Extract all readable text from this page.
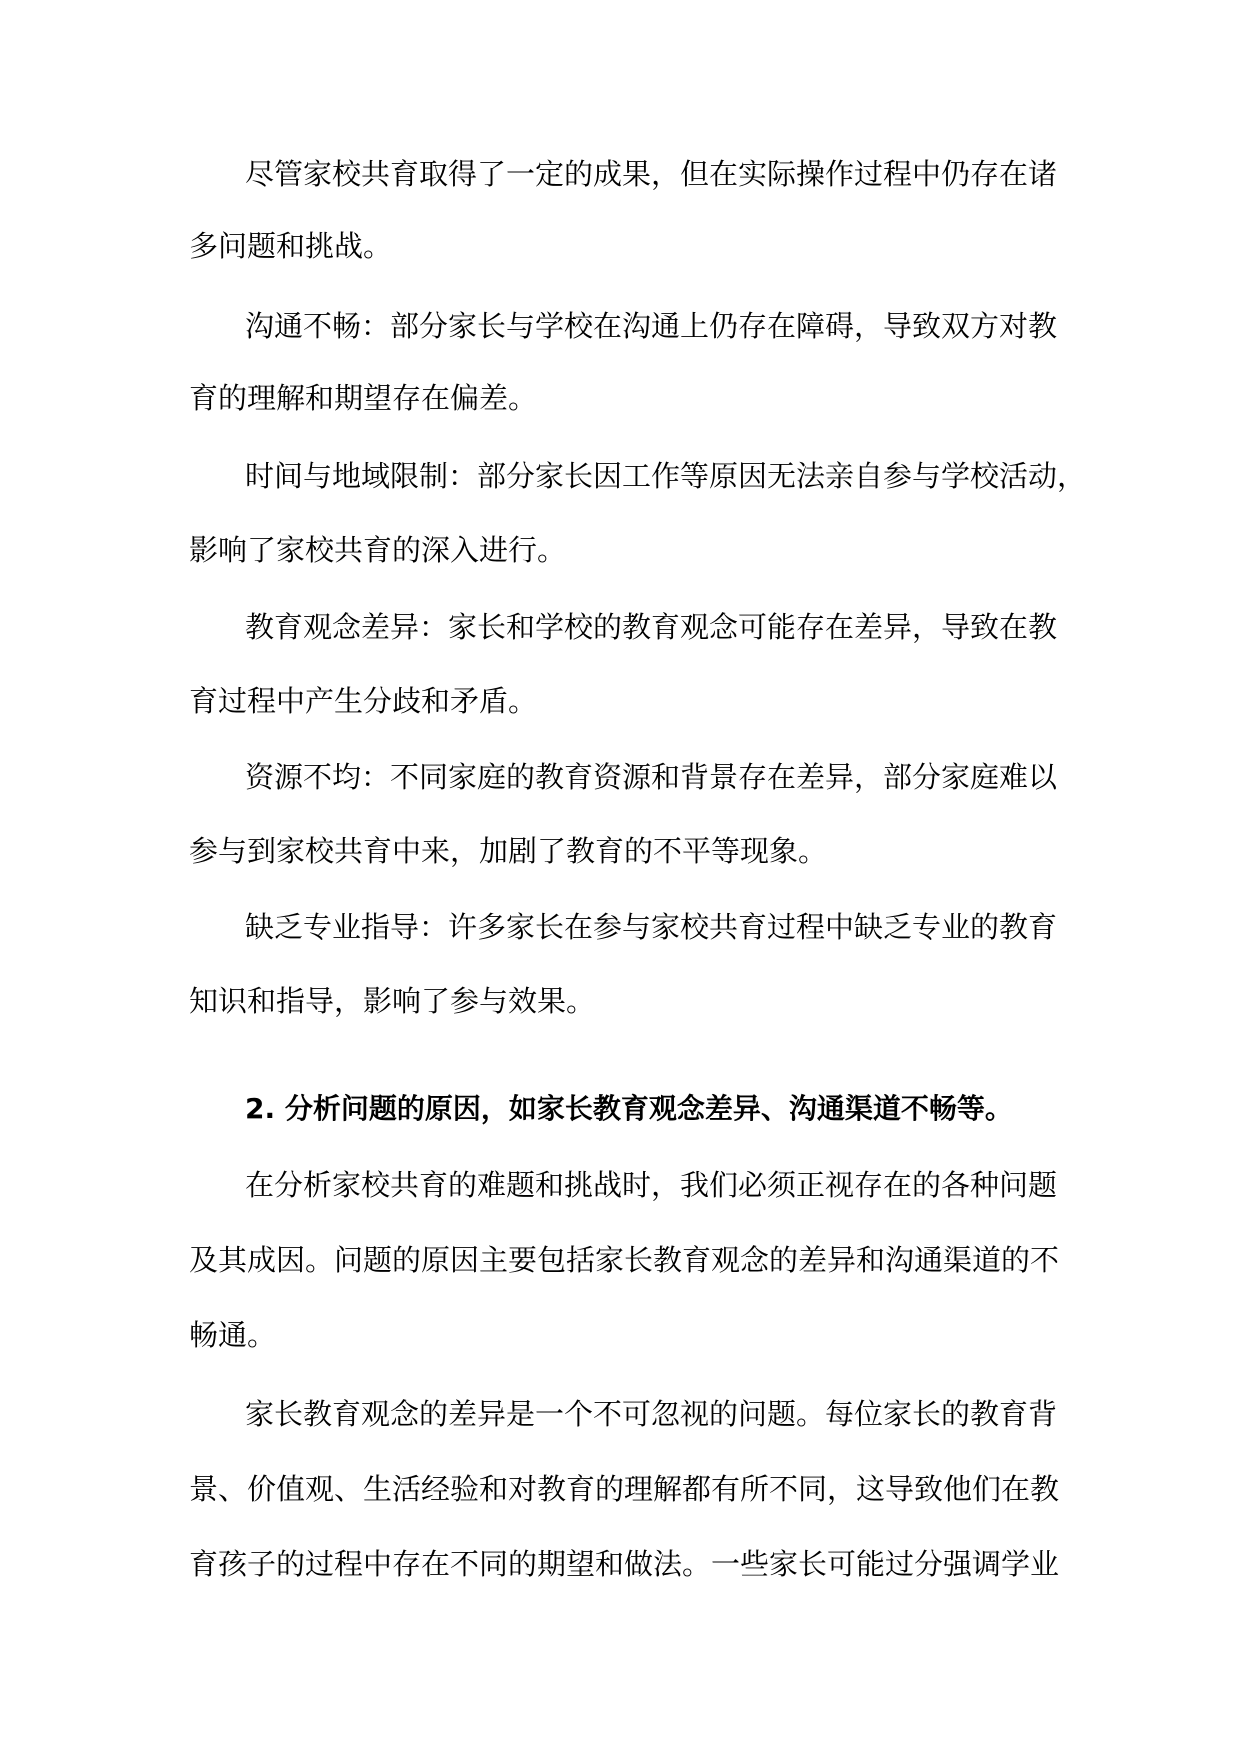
尽管家校共育取得了一定的成果，但在实际操作过程中仍存在诸
多问题和挑战。
沟通不畅：部分家长与学校在沟通上仍存在障碍，导致双方对教
育的理解和期望存在偏差。
时间与地域限制：部分家长因工作等原因无法亲自参与学校活动，
影响了家校共育的深入进行。
教育观念差异：家长和学校的教育观念可能存在差异，导致在教
育过程中产生分歧和矛盾。
资源不均：不同家庭的教育资源和背景存在差异，部分家庭难以
参与到家校共育中来，加剧了教育的不平等现象。
缺乏专业指导：许多家长在参与家校共育过程中缺乏专业的教育
知识和指导，影响了参与效果。
2. 分析问题的原因，如家长教育观念差异、沟通渠道不畅等。
在分析家校共育的难题和挑战时，我们必须正视存在的各种问题
及其成因。问题的原因主要包括家长教育观念的差异和沟通渠道的不
畅通。
家长教育观念的差异是一个不可忽视的问题。每位家长的教育背
景、价值观、生活经验和对教育的理解都有所不同，这导致他们在教
育孩子的过程中存在不同的期望和做法。一些家长可能过分强调学业
